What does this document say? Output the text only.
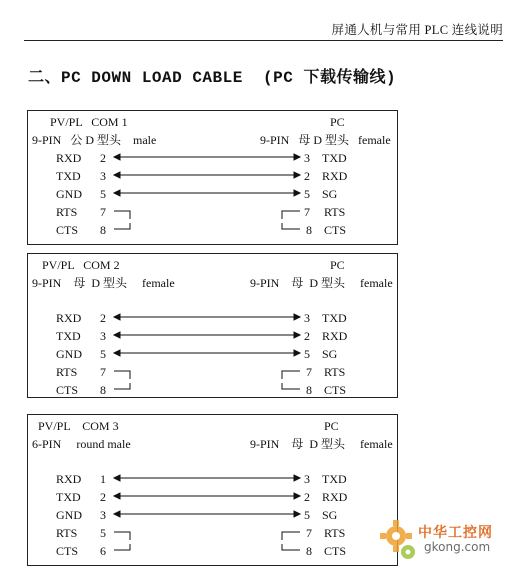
屏通人机与常用 PLC 连线说明
二、PC DOWN LOAD CABLE  (PC 下载传输线)
PV/PL   COM 1	PC
9-PIN   公 D 型头    male	9-PIN   母 D 型头   female
RXD 2	3 TXD
TXD 3	2 RXD
GND 5	5 SG
RTS 7	7 RTS
CTS 8	8 CTS
PV/PL   COM 2	PC
9-PIN    母  D 型头     female	9-PIN    母  D 型头     female
RXD 2	3 TXD
TXD 3	2 RXD
GND 5	5 SG
RTS 7	7 RTS
CTS 8	8 CTS
PV/PL    COM 3	PC
6-PIN     round male	9-PIN    母  D 型头     female
RXD 1	3 TXD
TXD 2	2 RXD
GND 3	5 SG
RTS 5	7 RTS
CTS 6	8 CTS
中华工控网
gkong.com
